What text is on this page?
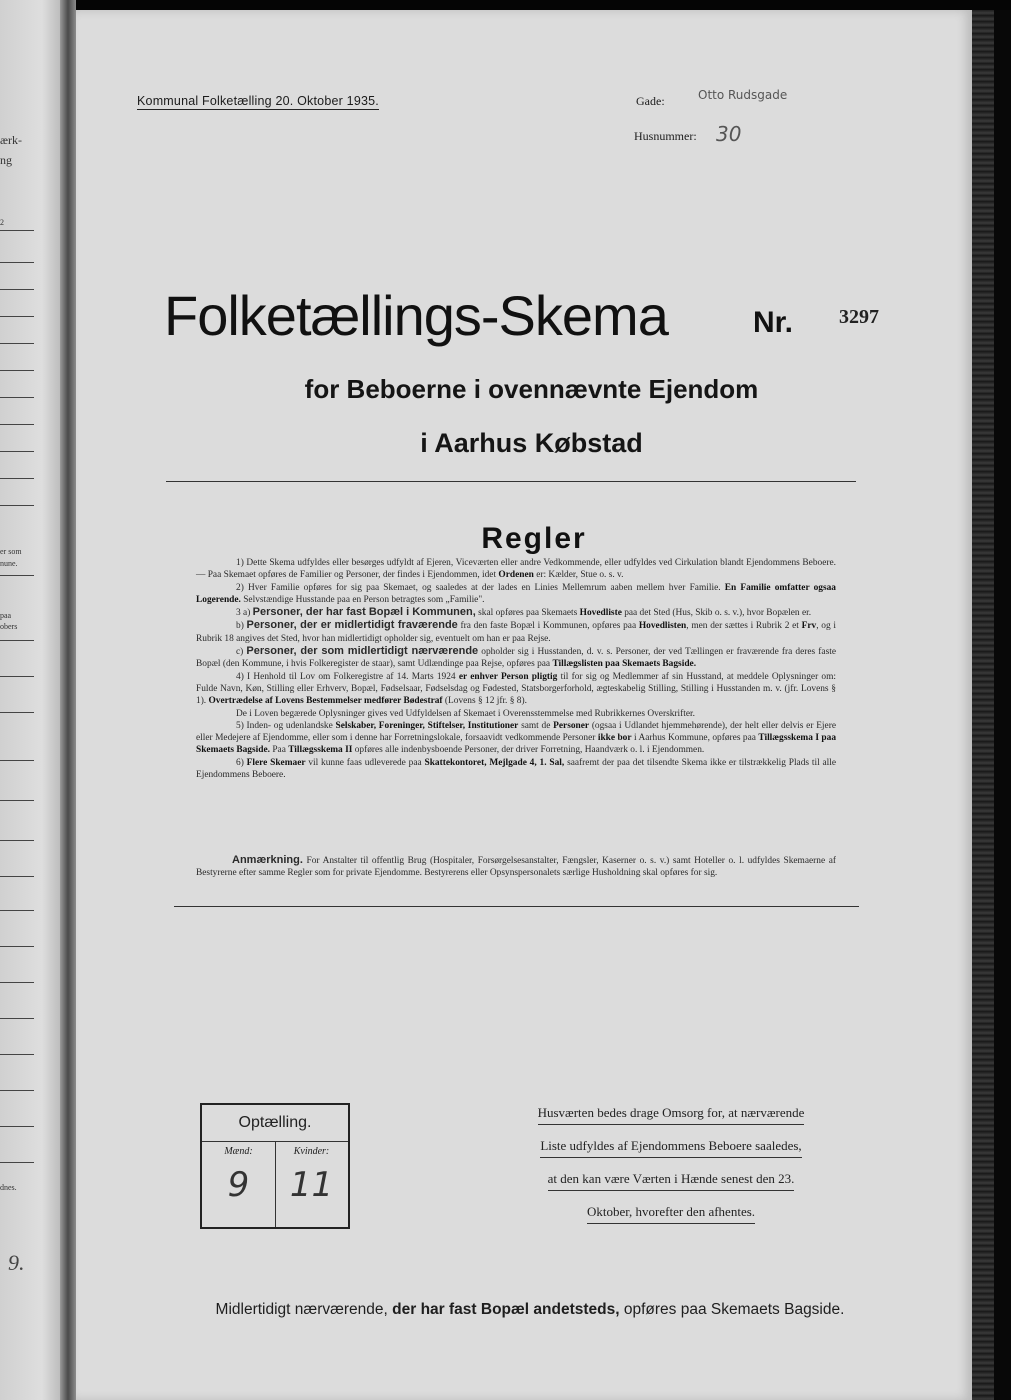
ærk-
ng
2
er som
nune.
paa
obers
dnes.
9.
Kommunal Folketælling 20. Oktober 1935.	Gade:	Otto Rudsgade
Husnummer: 30
Folketællings-Skema	Nr. 3297
for Beboerne i ovennævnte Ejendom
i Aarhus Købstad
Regler

1) Dette Skema udfyldes eller besørges udfyldt af Ejeren, Viceværten eller andre Vedkommende, eller udfyldes ved Cirkulation blandt Ejendommens Beboere. — Paa Skemaet opføres de Familier og Personer, der findes i Ejendommen, idet Ordenen er: Kælder, Stue o. s. v.

2) Hver Familie opføres for sig paa Skemaet, og saaledes at der lades en Linies Mellemrum aaben mellem hver Familie. En Familie omfatter ogsaa Logerende. Selvstændige Husstande paa en Person betragtes som „Familie".

3 a) Personer, der har fast Bopæl i Kommunen, skal opføres paa Skemaets Hovedliste paa det Sted (Hus, Skib o. s. v.), hvor Bopælen er.

b) Personer, der er midlertidigt fraværende fra den faste Bopæl i Kommunen, opføres paa Hovedlisten, men der sættes i Rubrik 2 et Frv, og i Rubrik 18 angives det Sted, hvor han midlertidigt opholder sig, eventuelt om han er paa Rejse.

c) Personer, der som midlertidigt nærværende opholder sig i Husstanden, d. v. s. Personer, der ved Tællingen er fraværende fra deres faste Bopæl (den Kommune, i hvis Folkeregister de staar), samt Udlændinge paa Rejse, opføres paa Tillægslisten paa Skemaets Bagside.

4) I Henhold til Lov om Folkeregistre af 14. Marts 1924 er enhver Person pligtig til for sig og Medlemmer af sin Husstand, at meddele Oplysninger om: Fulde Navn, Køn, Stilling eller Erhverv, Bopæl, Fødselsaar, Fødselsdag og Fødested, Statsborgerforhold, ægteskabelig Stilling, Stilling i Husstanden m. v. (jfr. Lovens § 1). Overtrædelse af Lovens Bestemmelser medfører Bødestraf (Lovens § 12 jfr. § 8).

De i Loven begærede Oplysninger gives ved Udfyldelsen af Skemaet i Overensstemmelse med Rubrikkernes Overskrifter.

5) Inden- og udenlandske Selskaber, Foreninger, Stiftelser, Institutioner samt de Personer (ogsaa i Udlandet hjemmehørende), der helt eller delvis er Ejere eller Medejere af Ejendomme, eller som i denne har Forretningslokale, forsaavidt vedkommende Personer ikke bor i Aarhus Kommune, opføres paa Tillægsskema I paa Skemaets Bagside. Paa Tillægsskema II opføres alle indenbysboende Personer, der driver Forretning, Haandværk o. l. i Ejendommen.

6) Flere Skemaer vil kunne faas udleverede paa Skattekontoret, Mejlgade 4, 1. Sal, saafremt der paa det tilsendte Skema ikke er tilstrækkelig Plads til alle Ejendommens Beboere.

Anmærkning. For Anstalter til offentlig Brug (Hospitaler, Forsørgelsesanstalter, Fængsler, Kaserner o. s. v.) samt Hoteller o. l. udfyldes Skemaerne af Bestyrerne efter samme Regler som for private Ejendomme. Bestyrerens eller Opsynspersonalets særlige Husholdning skal opføres for sig.

Optælling.
Mænd:
9
Kvinder:
11
Husværten bedes drage Omsorg for, at nærværende
Liste udfyldes af Ejendommens Beboere saaledes,
at den kan være Værten i Hænde senest den 23.
Oktober, hvorefter den afhentes.
Midlertidigt nærværende, der har fast Bopæl andetsteds, opføres paa Skemaets Bagside.
